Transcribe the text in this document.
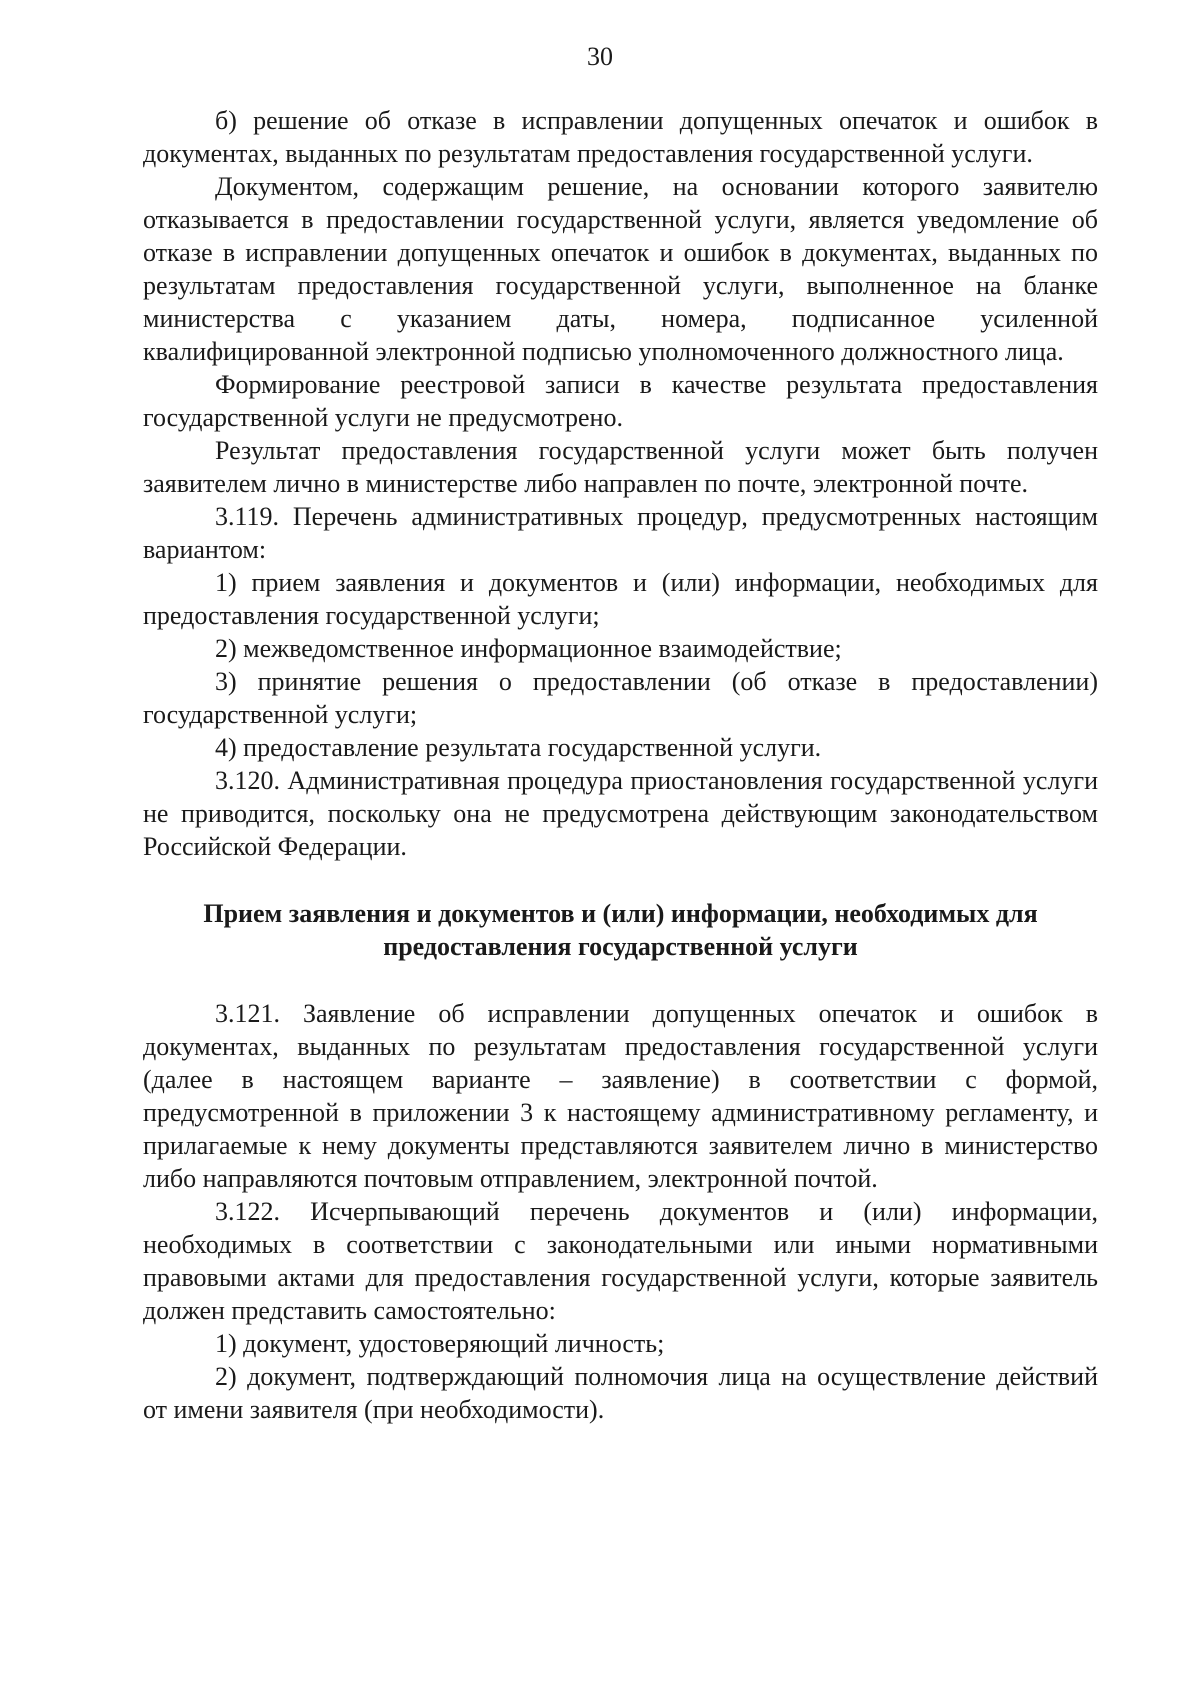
30

б) решение об отказе в исправлении допущенных опечаток и ошибок в документах, выданных по результатам предоставления государственной услуги.

Документом, содержащим решение, на основании которого заявителю отказывается в предоставлении государственной услуги, является уведомление об отказе в исправлении допущенных опечаток и ошибок в документах, выданных по результатам предоставления государственной услуги, выполненное на бланке министерства с указанием даты, номера, подписанное усиленной квалифицированной электронной подписью уполномоченного должностного лица.

Формирование реестровой записи в качестве результата предоставления государственной услуги не предусмотрено.

Результат предоставления государственной услуги может быть получен заявителем лично в министерстве либо направлен по почте, электронной почте.

3.119. Перечень административных процедур, предусмотренных настоящим вариантом:

1) прием заявления и документов и (или) информации, необходимых для предоставления государственной услуги;

2) межведомственное информационное взаимодействие;

3) принятие решения о предоставлении (об отказе в предоставлении) государственной услуги;

4) предоставление результата государственной услуги.

3.120. Административная процедура приостановления государственной услуги не приводится, поскольку она не предусмотрена действующим законодательством Российской Федерации.

Прием заявления и документов и (или) информации, необходимых для предоставления государственной услуги

3.121. Заявление об исправлении допущенных опечаток и ошибок в документах, выданных по результатам предоставления государственной услуги (далее в настоящем варианте – заявление) в соответствии с формой, предусмотренной в приложении 3 к настоящему административному регламенту, и прилагаемые к нему документы представляются заявителем лично в министерство либо направляются почтовым отправлением, электронной почтой.

3.122. Исчерпывающий перечень документов и (или) информации, необходимых в соответствии с законодательными или иными нормативными правовыми актами для предоставления государственной услуги, которые заявитель должен представить самостоятельно:

1) документ, удостоверяющий личность;

2) документ, подтверждающий полномочия лица на осуществление действий от имени заявителя (при необходимости).
